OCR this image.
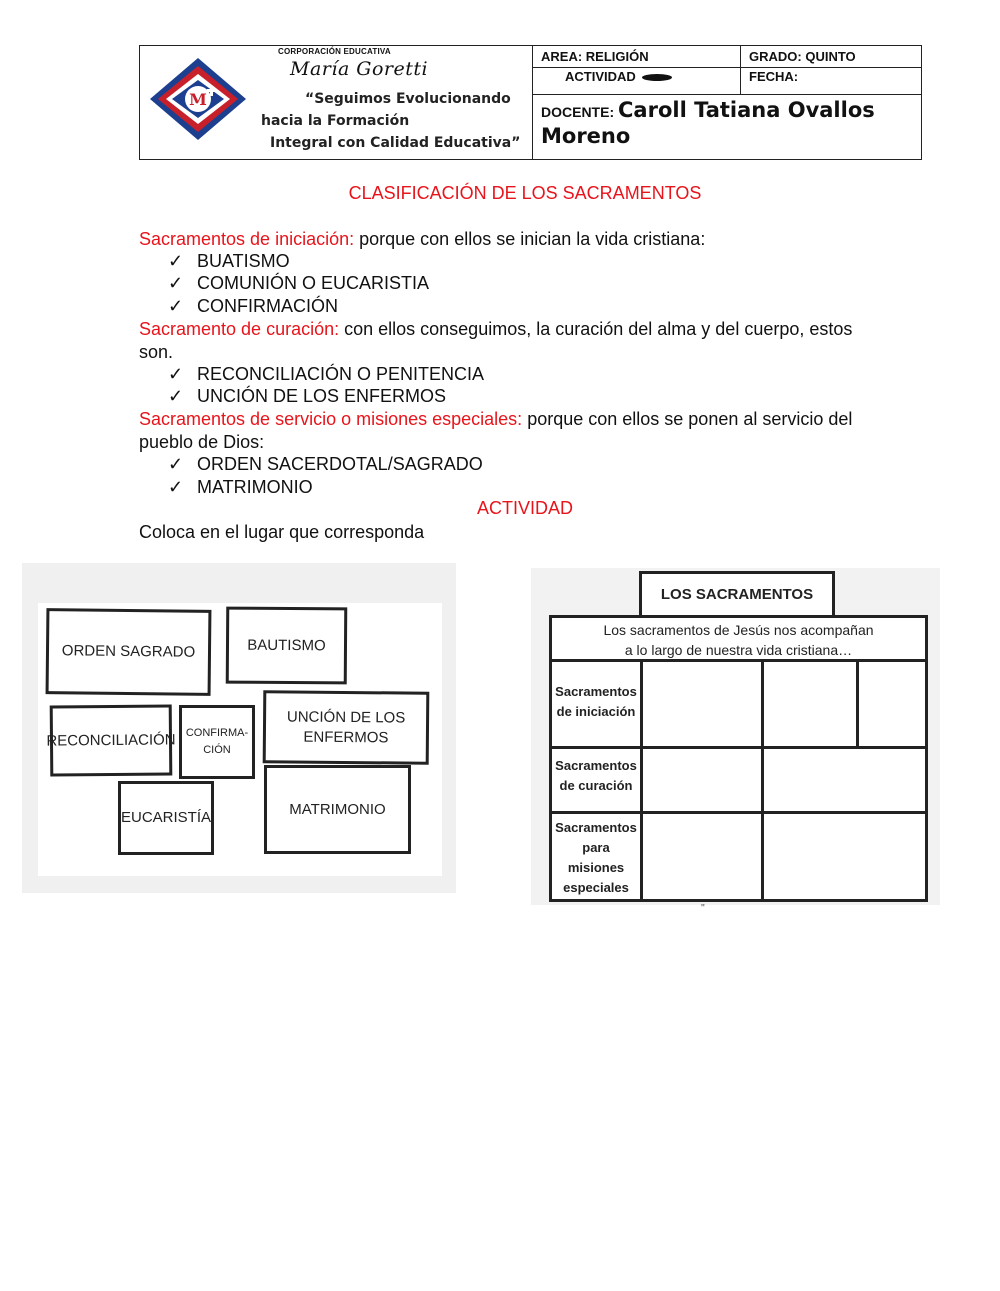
M
CORPORACIÓN EDUCATIVA
María Goretti
“Seguimos Evolucionando
hacia la Formación
Integral con Calidad Educativa”
AREA: RELIGIÓN	GRADO: QUINTO
ACTIVIDAD	FECHA:
DOCENTE: Caroll Tatiana Ovallos
Moreno
CLASIFICACIÓN DE LOS SACRAMENTOS
Sacramentos de iniciación: porque con ellos se inician la vida cristiana:
✓ BUATISMO
✓ COMUNIÓN O EUCARISTIA
✓ CONFIRMACIÓN
Sacramento de curación: con ellos conseguimos, la curación del alma y del cuerpo, estos
son.
✓ RECONCILIACIÓN O PENITENCIA
✓ UNCIÓN DE LOS ENFERMOS
Sacramentos de servicio o misiones especiales: porque con ellos se ponen al servicio del
pueblo de Dios:
✓ ORDEN SACERDOTAL/SAGRADO
✓ MATRIMONIO
ACTIVIDAD
Coloca en el lugar que corresponda
ORDEN SAGRADO	BAUTISMO
RECONCILIACIÓN CONFIRMA-
CIÓN
UNCIÓN DE LOS
ENFERMOS
EUCARISTÍA	MATRIMONIO
LOS SACRAMENTOS
Los sacramentos de Jesús nos acompañan
a lo largo de nuestra vida cristiana…
Sacramentos
de iniciación
Sacramentos
de curación
Sacramentos
para
misiones
especiales
''
